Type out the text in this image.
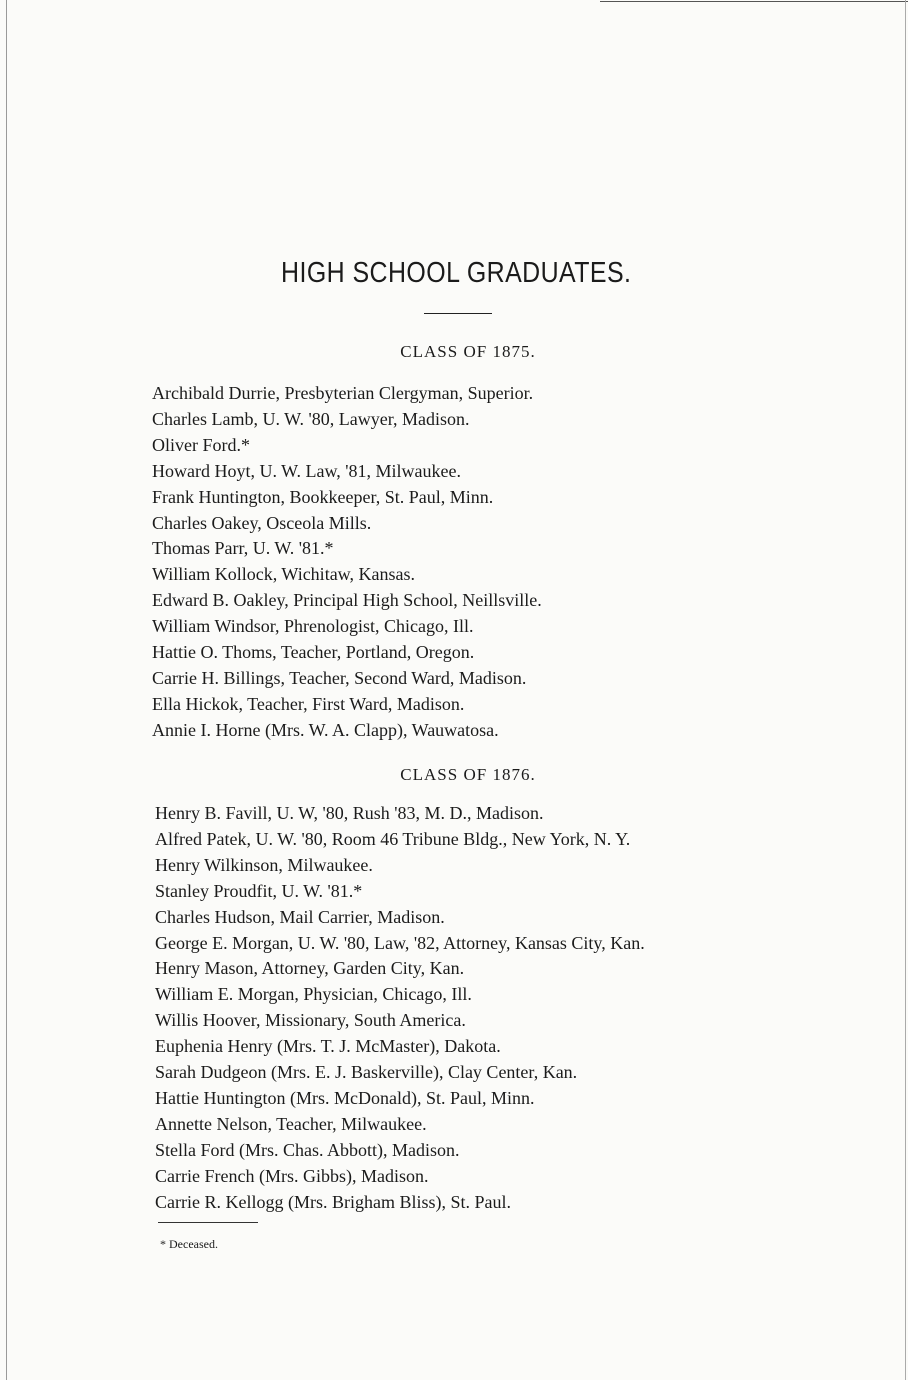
HIGH SCHOOL GRADUATES.
CLASS OF 1875.
Archibald Durrie, Presbyterian Clergyman, Superior.
Charles Lamb, U. W. '80, Lawyer, Madison.
Oliver Ford.*
Howard Hoyt, U. W. Law, '81, Milwaukee.
Frank Huntington, Bookkeeper, St. Paul, Minn.
Charles Oakey, Osceola Mills.
Thomas Parr, U. W. '81.*
William Kollock, Wichitaw, Kansas.
Edward B. Oakley, Principal High School, Neillsville.
William Windsor, Phrenologist, Chicago, Ill.
Hattie O. Thoms, Teacher, Portland, Oregon.
Carrie H. Billings, Teacher, Second Ward, Madison.
Ella Hickok, Teacher, First Ward, Madison.
Annie I. Horne (Mrs. W. A. Clapp), Wauwatosa.
CLASS OF 1876.
Henry B. Favill, U. W, '80, Rush '83, M. D., Madison.
Alfred Patek, U. W. '80, Room 46 Tribune Bldg., New York, N. Y.
Henry Wilkinson, Milwaukee.
Stanley Proudfit, U. W. '81.*
Charles Hudson, Mail Carrier, Madison.
George E. Morgan, U. W. '80, Law, '82, Attorney, Kansas City, Kan.
Henry Mason, Attorney, Garden City, Kan.
William E. Morgan, Physician, Chicago, Ill.
Willis Hoover, Missionary, South America.
Euphenia Henry (Mrs. T. J. McMaster), Dakota.
Sarah Dudgeon (Mrs. E. J. Baskerville), Clay Center, Kan.
Hattie Huntington (Mrs. McDonald), St. Paul, Minn.
Annette Nelson, Teacher, Milwaukee.
Stella Ford (Mrs. Chas. Abbott), Madison.
Carrie French (Mrs. Gibbs), Madison.
Carrie R. Kellogg (Mrs. Brigham Bliss), St. Paul.

* Deceased.
